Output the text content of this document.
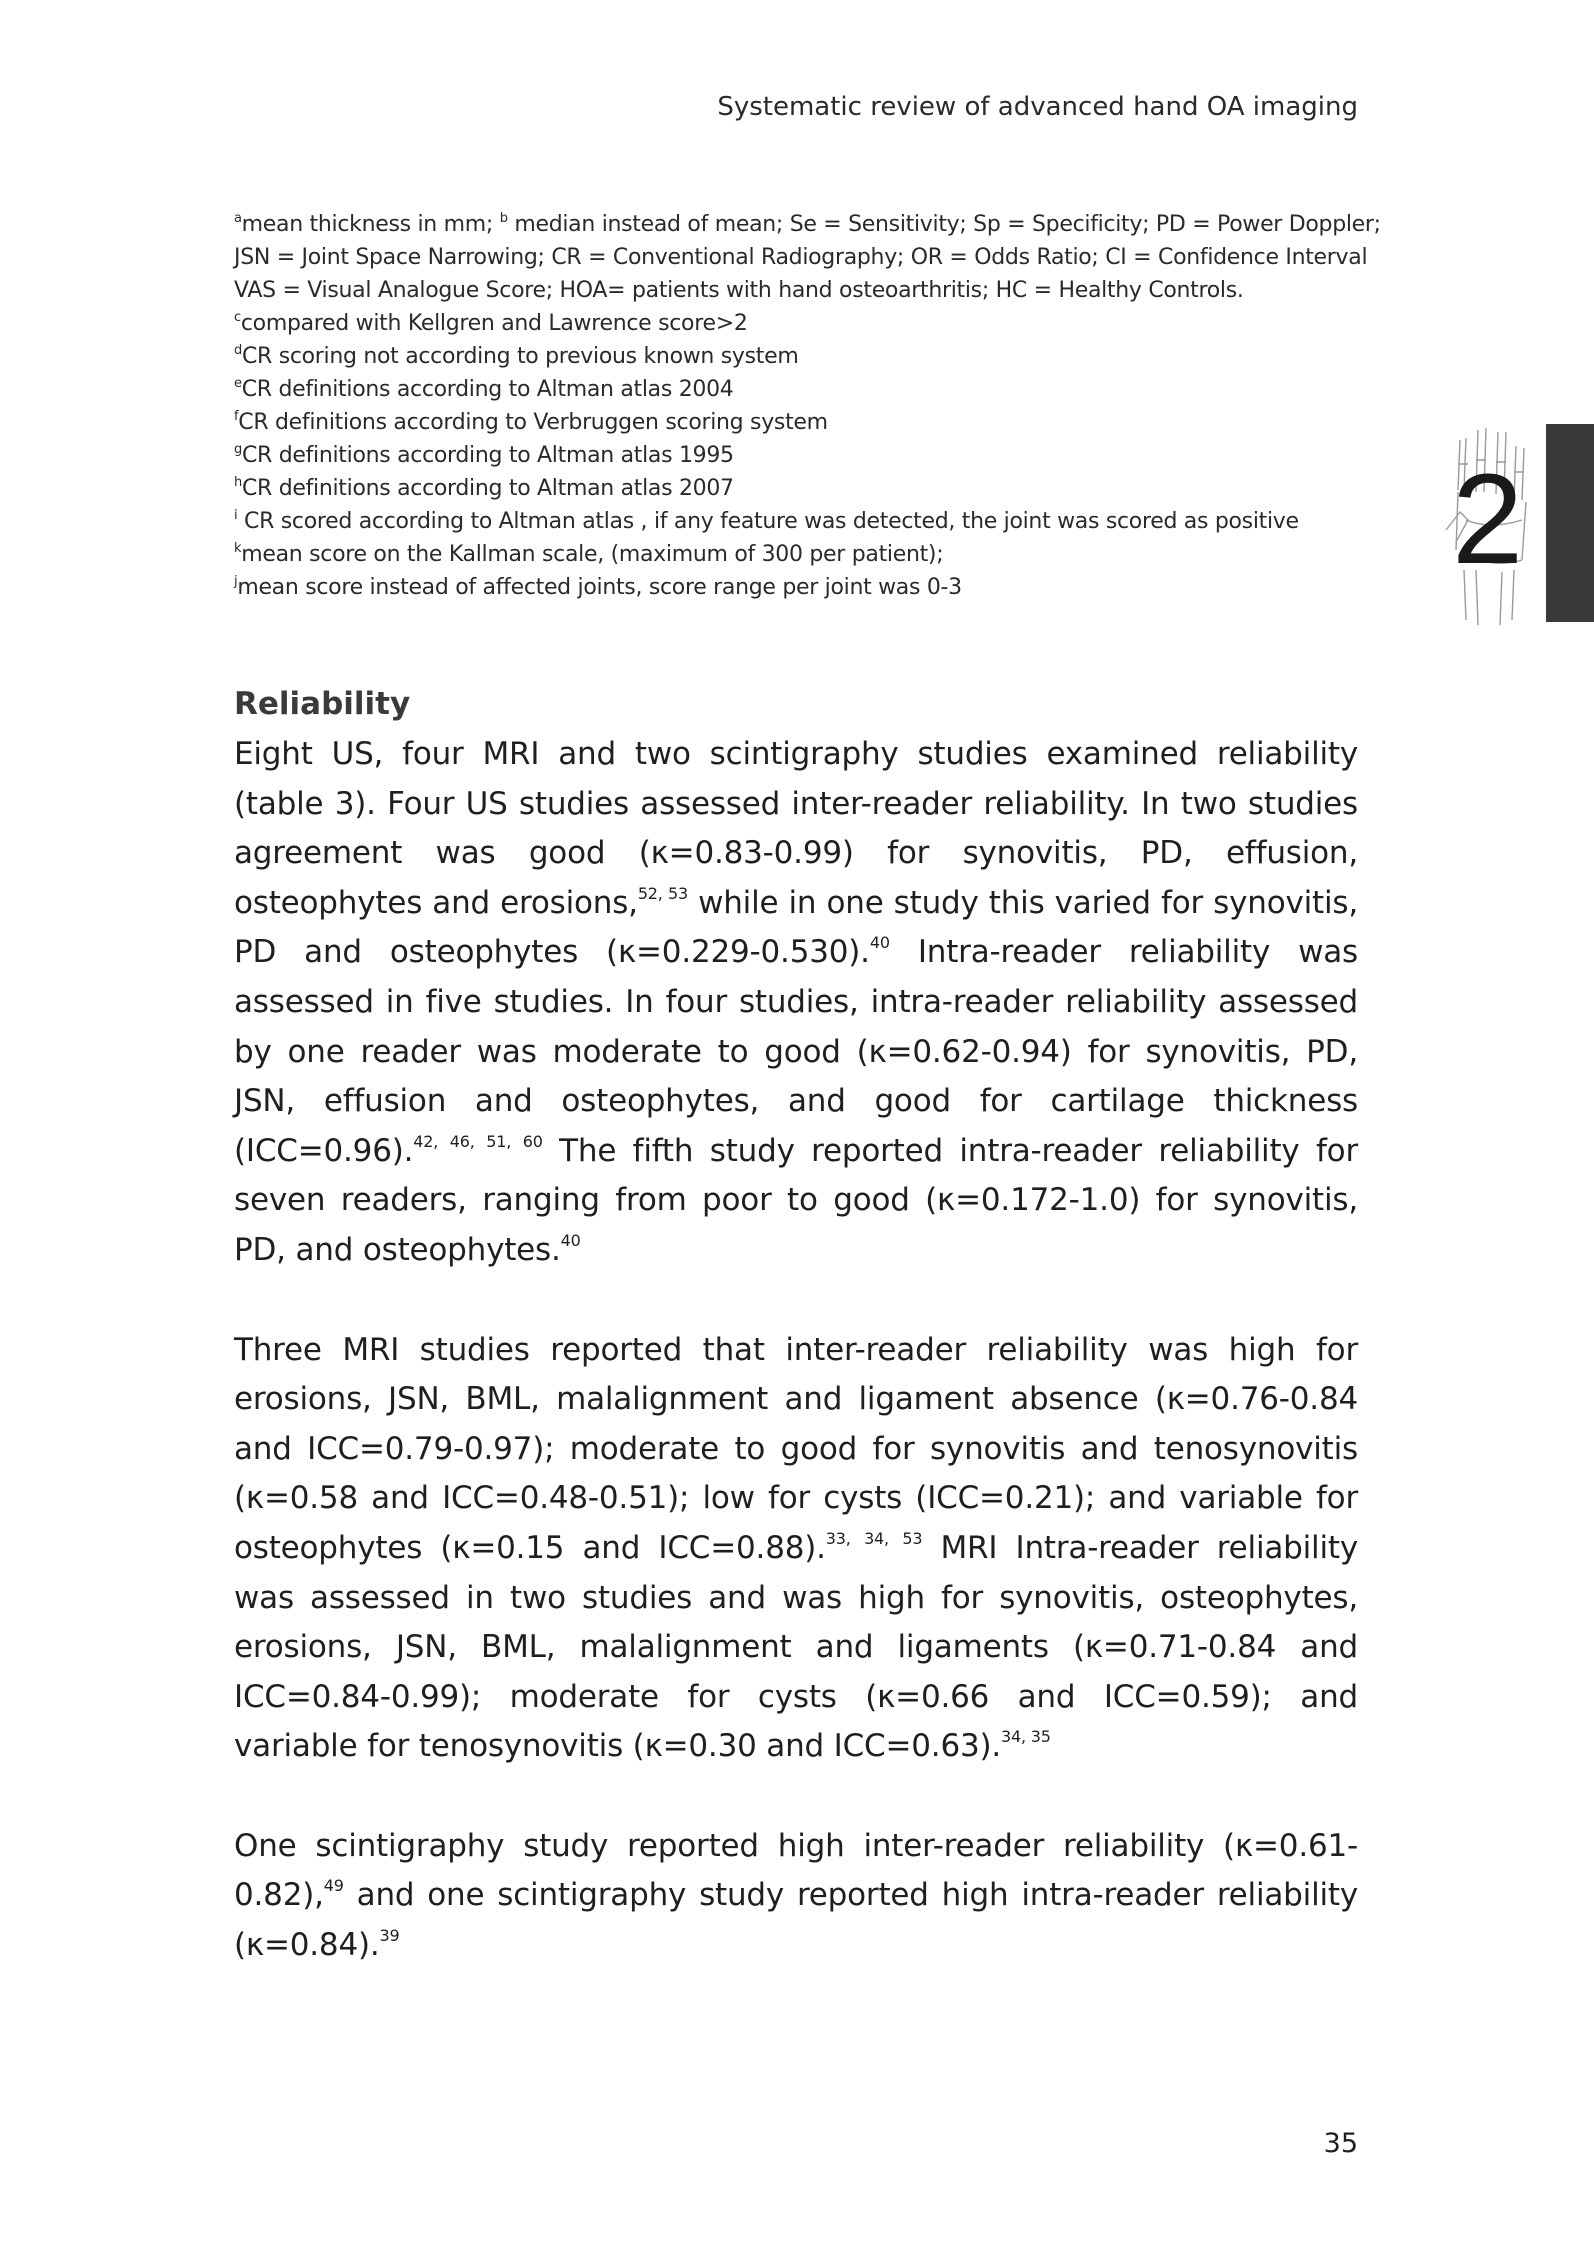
Systematic review of advanced hand OA imaging
$^a$mean thickness in mm; $^b$ median instead of mean; Se = Sensitivity; Sp = Specificity; PD = Power Doppler;
JSN = Joint Space Narrowing; CR = Conventional Radiography; OR = Odds Ratio; CI = Confidence Interval
VAS = Visual Analogue Score; HOA= patients with hand osteoarthritis; HC = Healthy Controls.
$^c$compared with Kellgren and Lawrence score>2
$^d$CR scoring not according to previous known system
$^e$CR definitions according to Altman atlas 2004
$^f$CR definitions according to Verbruggen scoring system
$^g$CR definitions according to Altman atlas 1995
$^h$CR definitions according to Altman atlas 2007
$^i$ CR scored according to Altman atlas , if any feature was detected, the joint was scored as positive
$^k$mean score on the Kallman scale, (maximum of 300 per patient);
$^j$mean score instead of affected joints, score range per joint was 0-3	2
Reliability

Eight US, four MRI and two scintigraphy studies examined reliability (table 3). Four US studies assessed inter-reader reliability. In two studies agreement was good (κ=0.83-0.99) for synovitis, PD, effusion, osteophytes and erosions,$^{52, 53}$ while in one study this varied for synovitis, PD and osteophytes (κ=0.229-0.530).$^{40}$ Intra-reader reliability was assessed in five studies. In four studies, intra-reader reliability assessed by one reader was moderate to good (κ=0.62-0.94) for synovitis, PD, JSN, effusion and osteophytes, and good for cartilage thickness (ICC=0.96).$^{42, 46, 51, 60}$ The fifth study reported intra-reader reliability for seven readers, ranging from poor to good (κ=0.172-1.0) for synovitis, PD, and osteophytes.$^{40}$

Three MRI studies reported that inter-reader reliability was high for erosions, JSN, BML, malalignment and ligament absence (κ=0.76-0.84 and ICC=0.79-0.97); moderate to good for synovitis and tenosynovitis (κ=0.58 and ICC=0.48-0.51); low for cysts (ICC=0.21); and variable for osteophytes (κ=0.15 and ICC=0.88).$^{33, 34, 53}$ MRI Intra-reader reliability was assessed in two studies and was high for synovitis, osteophytes, erosions, JSN, BML, malalignment and ligaments (κ=0.71-0.84 and ICC=0.84-0.99); moderate for cysts (κ=0.66 and ICC=0.59); and variable for tenosynovitis (κ=0.30 and ICC=0.63).$^{34, 35}$

One scintigraphy study reported high inter-reader reliability (κ=0.61-0.82),$^{49}$ and one scintigraphy study reported high intra-reader reliability (κ=0.84).$^{39}$

35
